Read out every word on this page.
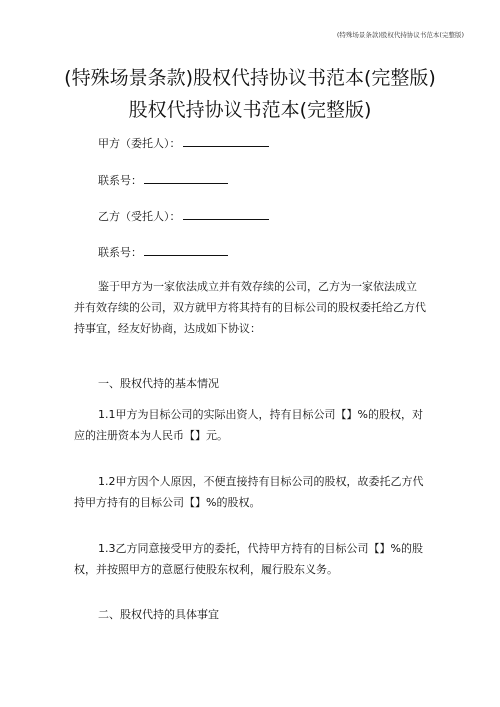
(特殊场景条款)股权代持协议书范本(完整版)
(特殊场景条款)股权代持协议书范本(完整版)
股权代持协议书范本(完整版)
甲方（委托人）：
联系号：
乙方（受托人）：
联系号：

鉴于甲方为一家依法成立并有效存续的公司，乙方为一家依法成立并有效存续的公司，双方就甲方将其持有的目标公司的股权委托给乙方代持事宜，经友好协商，达成如下协议：

一、股权代持的基本情况

1.1甲方为目标公司的实际出资人，持有目标公司【】%的股权，对应的注册资本为人民币【】元。

1.2甲方因个人原因，不便直接持有目标公司的股权，故委托乙方代持甲方持有的目标公司【】%的股权。

1.3乙方同意接受甲方的委托，代持甲方持有的目标公司【】%的股权，并按照甲方的意愿行使股东权利，履行股东义务。

二、股权代持的具体事宜
